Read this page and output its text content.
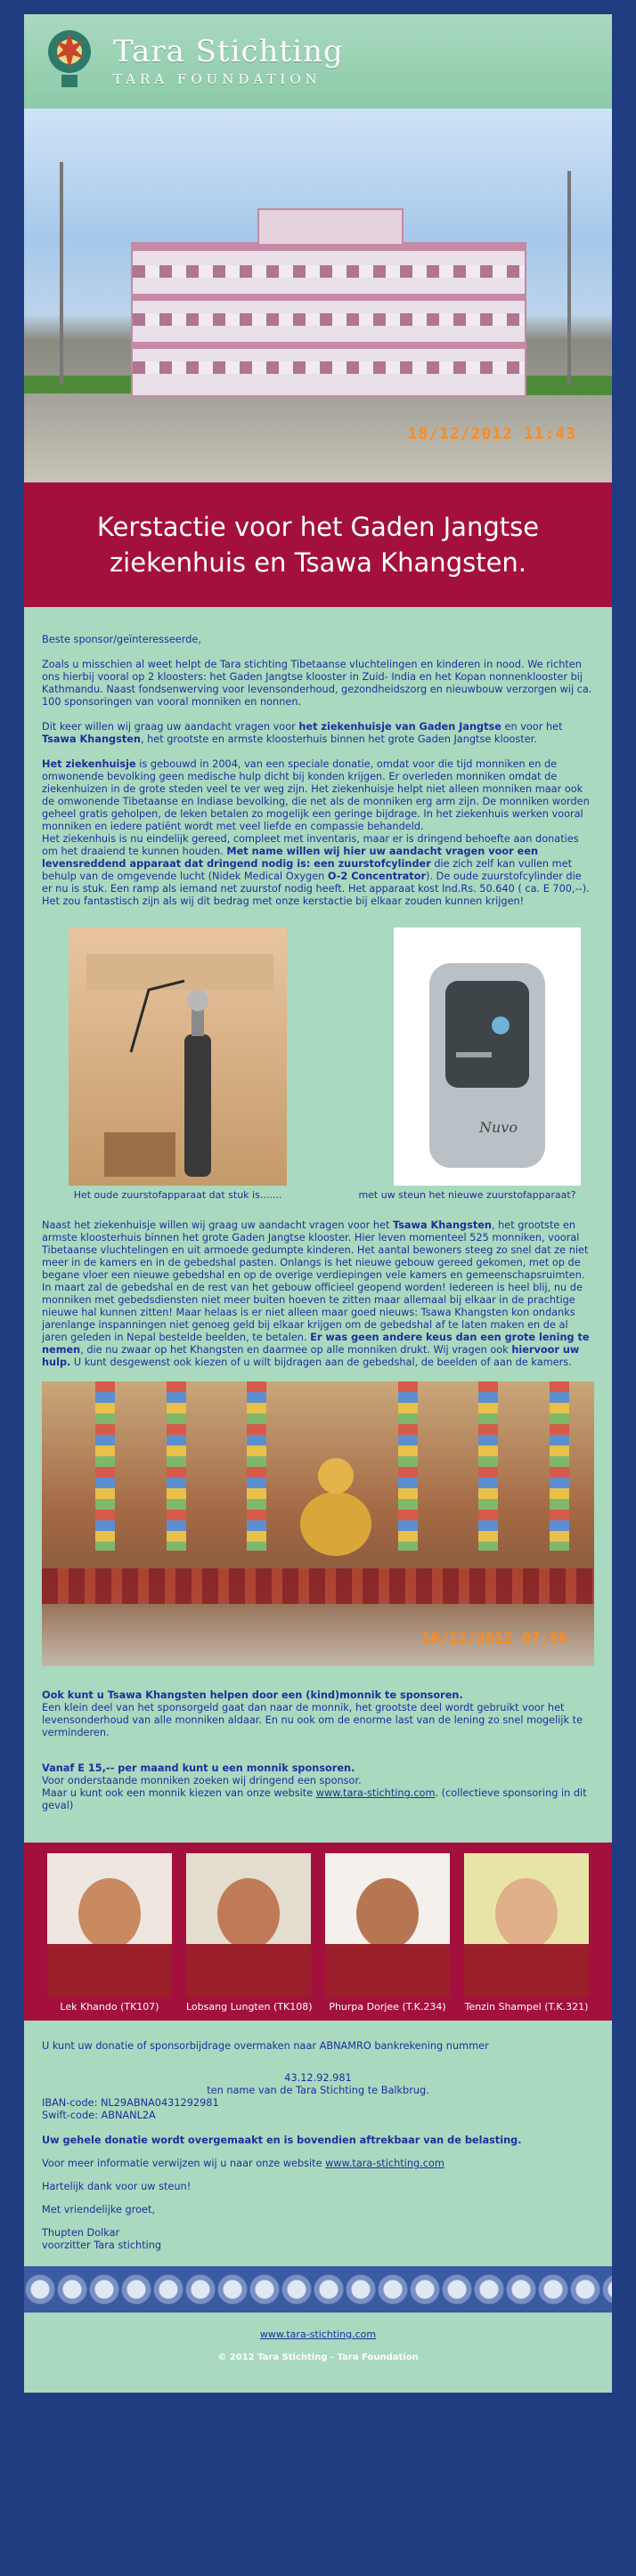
Tara Stichting
TARA FOUNDATION
18/12/2012 11:43
Kerstactie voor het Gaden Jangtse
ziekenhuis en Tsawa Khangsten.

Beste sponsor/geïnteresseerde,

Zoals u misschien al weet helpt de Tara stichting Tibetaanse vluchtelingen en kinderen in nood. We richten ons hierbij vooral op 2 kloosters: het Gaden Jangtse klooster in Zuid- India en het Kopan nonnenklooster bij Kathmandu. Naast fondsenwerving voor levensonderhoud, gezondheidszorg en nieuwbouw verzorgen wij ca. 100 sponsoringen van vooral monniken en nonnen.

Dit keer willen wij graag uw aandacht vragen voor het ziekenhuisje van Gaden Jangtse en voor het Tsawa Khangsten, het grootste en armste kloosterhuis binnen het grote Gaden Jangtse klooster.

Het ziekenhuisje is gebouwd in 2004, van een speciale donatie, omdat voor die tijd monniken en de omwonende bevolking geen medische hulp dicht bij konden krijgen. Er overleden monniken omdat de ziekenhuizen in de grote steden veel te ver weg zijn. Het ziekenhuisje helpt niet alleen monniken maar ook de omwonende Tibetaanse en Indiase bevolking, die net als de monniken erg arm zijn. De monniken worden geheel gratis geholpen, de leken betalen zo mogelijk een geringe bijdrage. In het ziekenhuis werken vooral monniken en iedere patiënt wordt met veel liefde en compassie behandeld.

Het ziekenhuis is nu eindelijk gereed, compleet met inventaris, maar er is dringend behoefte aan donaties om het draaiend te kunnen houden. Met name willen wij hier uw aandacht vragen voor een levensreddend apparaat dat dringend nodig is: een zuurstofcylinder die zich zelf kan vullen met behulp van de omgevende lucht (Nidek Medical Oxygen O-2 Concentrator). De oude zuurstofcylinder die er nu is stuk. Een ramp als iemand net zuurstof nodig heeft. Het apparaat kost Ind.Rs. 50.640 ( ca. E 700,--). Het zou fantastisch zijn als wij dit bedrag met onze kerstactie bij elkaar zouden kunnen krijgen!

Het oude zuurstofapparaat dat stuk is.......
Nuvo
met uw steun het nieuwe zuurstofapparaat?

Naast het ziekenhuisje willen wij graag uw aandacht vragen voor het Tsawa Khangsten, het grootste en armste kloosterhuis binnen het grote Gaden Jangtse klooster. Hier leven momenteel 525 monniken, vooral Tibetaanse vluchtelingen en uit armoede gedumpte kinderen. Het aantal bewoners steeg zo snel dat ze niet meer in de kamers en in de gebedshal pasten. Onlangs is het nieuwe gebouw gereed gekomen, met op de begane vloer een nieuwe gebedshal en op de overige verdiepingen vele kamers en gemeenschapsruimten. In maart zal de gebedshal en de rest van het gebouw officieel geopend worden! Iedereen is heel blij, nu de monniken met gebedsdiensten niet meer buiten hoeven te zitten maar allemaal bij elkaar in de prachtige nieuwe hal kunnen zitten! Maar helaas is er niet alleen maar goed nieuws: Tsawa Khangsten kon ondanks jarenlange inspanningen niet genoeg geld bij elkaar krijgen om de gebedshal af te laten maken en de al jaren geleden in Nepal bestelde beelden, te betalen. Er was geen andere keus dan een grote lening te nemen, die nu zwaar op het Khangsten en daarmee op alle monniken drukt. Wij vragen ook hiervoor uw hulp. U kunt desgewenst ook kiezen of u wilt bijdragen aan de gebedshal, de beelden of aan de kamers.

18/12/2012 07:36

Ook kunt u Tsawa Khangsten helpen door een (kind)monnik te sponsoren.
Een klein deel van het sponsorgeld gaat dan naar de monnik, het grootste deel wordt gebruikt voor het levensonderhoud van alle monniken aldaar. En nu ook om de enorme last van de lening zo snel mogelijk te verminderen.

Vanaf E 15,-- per maand kunt u een monnik sponsoren.
Voor onderstaande monniken zoeken wij dringend een sponsor.
Maar u kunt ook een monnik kiezen van onze website www.tara-stichting.com. (collectieve sponsoring in dit geval)

Lek Khando (TK107)	Lobsang Lungten (TK108)	Phurpa Dorjee (T.K.234)	Tenzin Shampel (T.K.321)

U kunt uw donatie of sponsorbijdrage overmaken naar ABNAMRO bankrekening nummer

43.12.92.981
ten name van de Tara Stichting te Balkbrug.
IBAN-code: NL29ABNA0431292981
Swift-code: ABNANL2A

Uw gehele donatie wordt overgemaakt en is bovendien aftrekbaar van de belasting.

Voor meer informatie verwijzen wij u naar onze website www.tara-stichting.com

Hartelijk dank voor uw steun!

Met vriendelijke groet,

Thupten Dolkar
voorzitter Tara stichting
www.tara-stichting.com
© 2012 Tara Stichting - Tara Foundation
